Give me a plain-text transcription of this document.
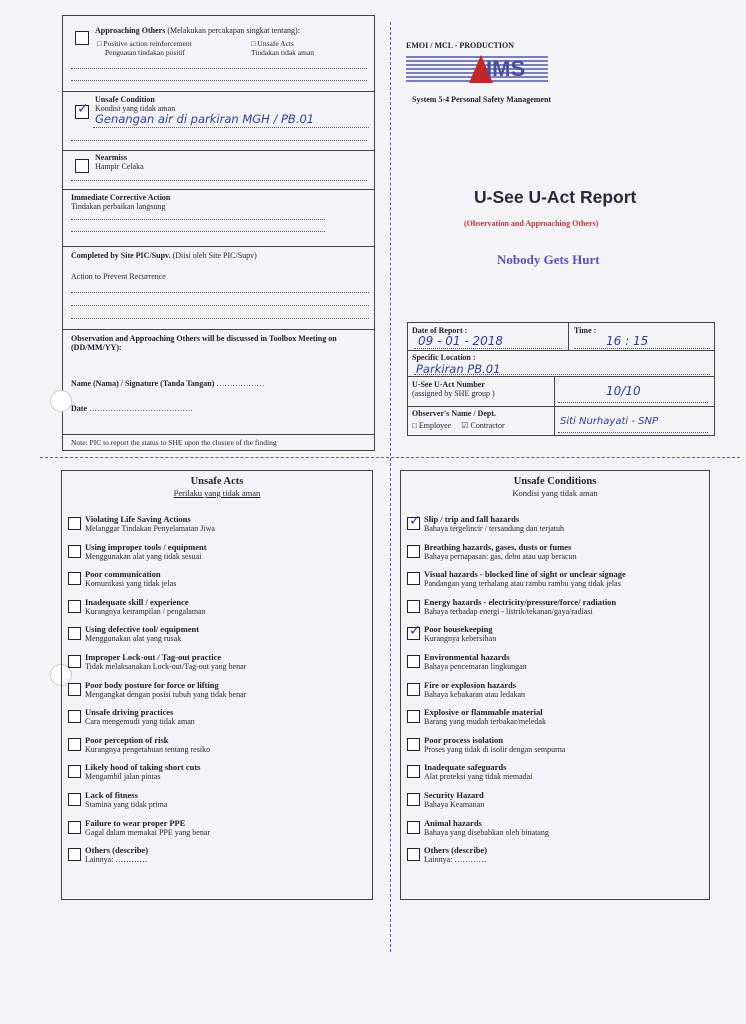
Approaching Others (Melakukan percakapan singkat tentang):
□ Positive action reinforcement
Penguatan tindakan positif
□ Unsafe Acts
Tindakan tidak aman
✓
Unsafe Condition
Kondisi yang tidak aman
Genangan air di parkiran MGH / PB.01
Nearmiss
Hampir Celaka
Immediate Corrective Action
Tindakan perbaikan langsung
Completed by Site PIC/Supv. (Diisi oleh Site PIC/Supv)
Action to Prevent Recurrence
Observation and Approaching Others will be discussed in Toolbox Meeting on (DD/MM/YY):
Name (Nama) / Signature (Tanda Tangan) ………………
Date …………………………………
Note: PIC to report the status to SHE upon the closure of the finding
EMOI / MCL - PRODUCTION
IMS
System 5-4 Personal Safety Management
U-See U-Act Report
(Observation and Approaching Others)
Nobody Gets Hurt
Date of Report :
09 - 01 - 2018
Time :
16 : 15
Specific Location :
Parkiran PB.01
U-See U-Act Number
(assigned by SHE group )	10/10
Observer's Name / Dept.
□ Employee ☑ Contractor	Siti Nurhayati - SNP
Unsafe Acts
Perilaku yang tidak aman
Violating Life Saving Actions
Melanggar Tindakan Penyelamatan Jiwa
Using improper tools / equipment
Menggunakan alat yang tidak sesuai
Poor communication
Komunikasi yang tidak jelas
Inadequate skill / experience
Kurangnya ketrampilan / pengalaman
Using defective tool/ equipment
Menggunakan alat yang rusak
Improper Lock-out / Tag-out practice
Tidak melaksanakan Lock-out/Tag-out yang benar
Poor body posture for force or lifting
Mengangkat dengan posisi tubuh yang tidak benar
Unsafe driving practices
Cara mengemudi yang tidak aman
Poor perception of risk
Kurangnya pengetahuan tentang resiko
Likely hood of taking short cuts
Mengambil jalan pintas
Lack of fitness
Stamina yang tidak prima
Failure to wear proper PPE
Gagal dalam memakai PPE yang benar
Others (describe)
Lainnya: …………
Unsafe Conditions
Kondisi yang tidak aman
✓ Slip / trip and fall hazards
Bahaya tergelincir / tersandung dan terjatuh
Breathing hazards, gases, dusts or fumes
Bahaya pernapasan: gas, debu atau uap beracun
Visual hazards - blocked line of sight or unclear signage
Pandangan yang terhalang atau rambu rambu yang tidak jelas
Energy hazards - electricity/pressure/force/ radiation
Bahaya terhadap energi - listrik/tekanan/gaya/radiasi
✓ Poor housekeeping
Kurangnya kebersihan
Environmental hazards
Bahaya pencemaran lingkungan
Fire or explosion hazards
Bahaya kebakaran atau ledakan
Explosive or flammable material
Barang yang mudah terbakar/meledak
Poor process isolation
Proses yang tidak di isolir dengan sempurna
Inadequate safeguards
Alat proteksi yang tidak memadai
Security Hazard
Bahaya Keamanan
Animal hazards
Bahaya yang disebabkan oleh binatang
Others (describe)
Lainnya: …………
